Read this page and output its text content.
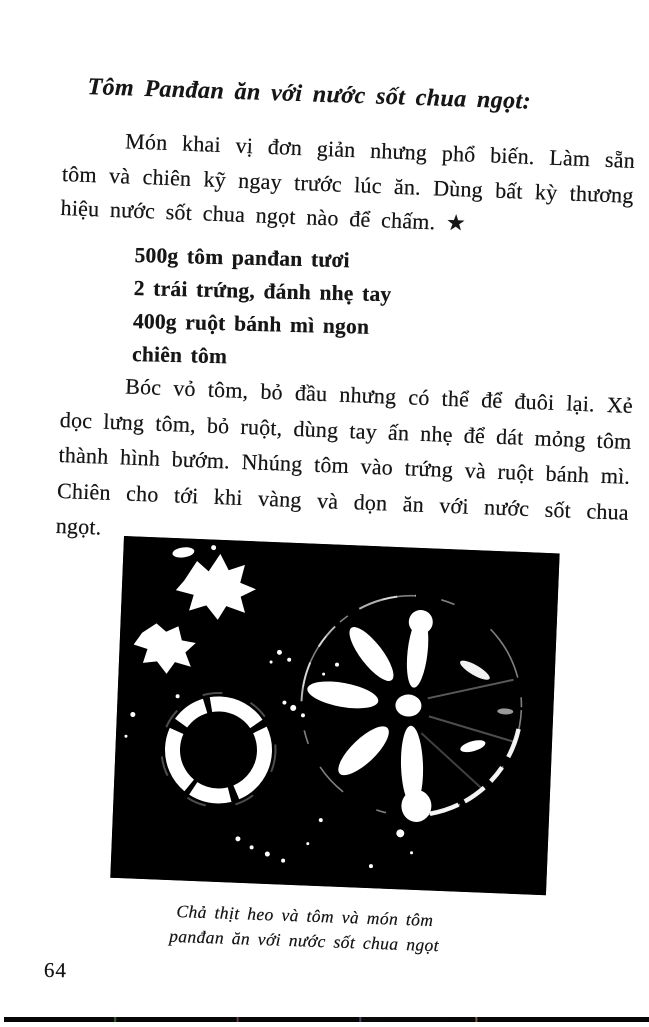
Tôm Panđan ăn với nước sốt chua ngọt:

Món khai vị đơn giản nhưng phổ biến. Làm sẵn tôm và chiên kỹ ngay trước lúc ăn. Dùng bất kỳ thương hiệu nước sốt chua ngọt nào để chấm. ★

500g tôm panđan tươi
2 trái trứng, đánh nhẹ tay
400g ruột bánh mì ngon
chiên tôm

Bóc vỏ tôm, bỏ đầu nhưng có thể để đuôi lại. Xẻ dọc lưng tôm, bỏ ruột, dùng tay ấn nhẹ để dát mỏng tôm thành hình bướm. Nhúng tôm vào trứng và ruột bánh mì. Chiên cho tới khi vàng và dọn ăn với nước sốt chua ngọt.

Chả thịt heo và tôm và món tôm
panđan ăn với nước sốt chua ngọt
64
